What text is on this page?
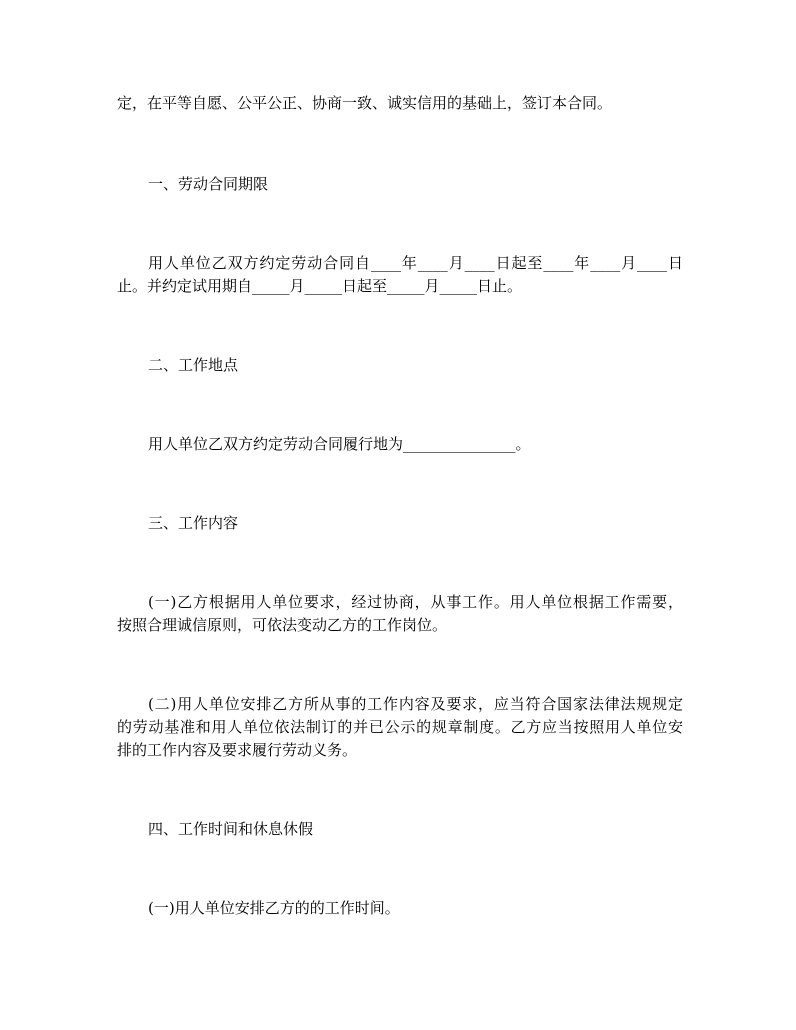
定，在平等自愿、公平公正、协商一致、诚实信用的基础上，签订本合同。

一、劳动合同期限

用人单位乙双方约定劳动合同自____年____月____日起至____年____月____日

止。并约定试用期自_____月_____日起至_____月_____日止。

二、工作地点

用人单位乙双方约定劳动合同履行地为_______________。

三、工作内容

(一)乙方根据用人单位要求，经过协商，从事工作。用人单位根据工作需要，

按照合理诚信原则，可依法变动乙方的工作岗位。

(二)用人单位安排乙方所从事的工作内容及要求，应当符合国家法律法规规定

的劳动基准和用人单位依法制订的并已公示的规章制度。乙方应当按照用人单位安

排的工作内容及要求履行劳动义务。

四、工作时间和休息休假

(一)用人单位安排乙方的的工作时间。
